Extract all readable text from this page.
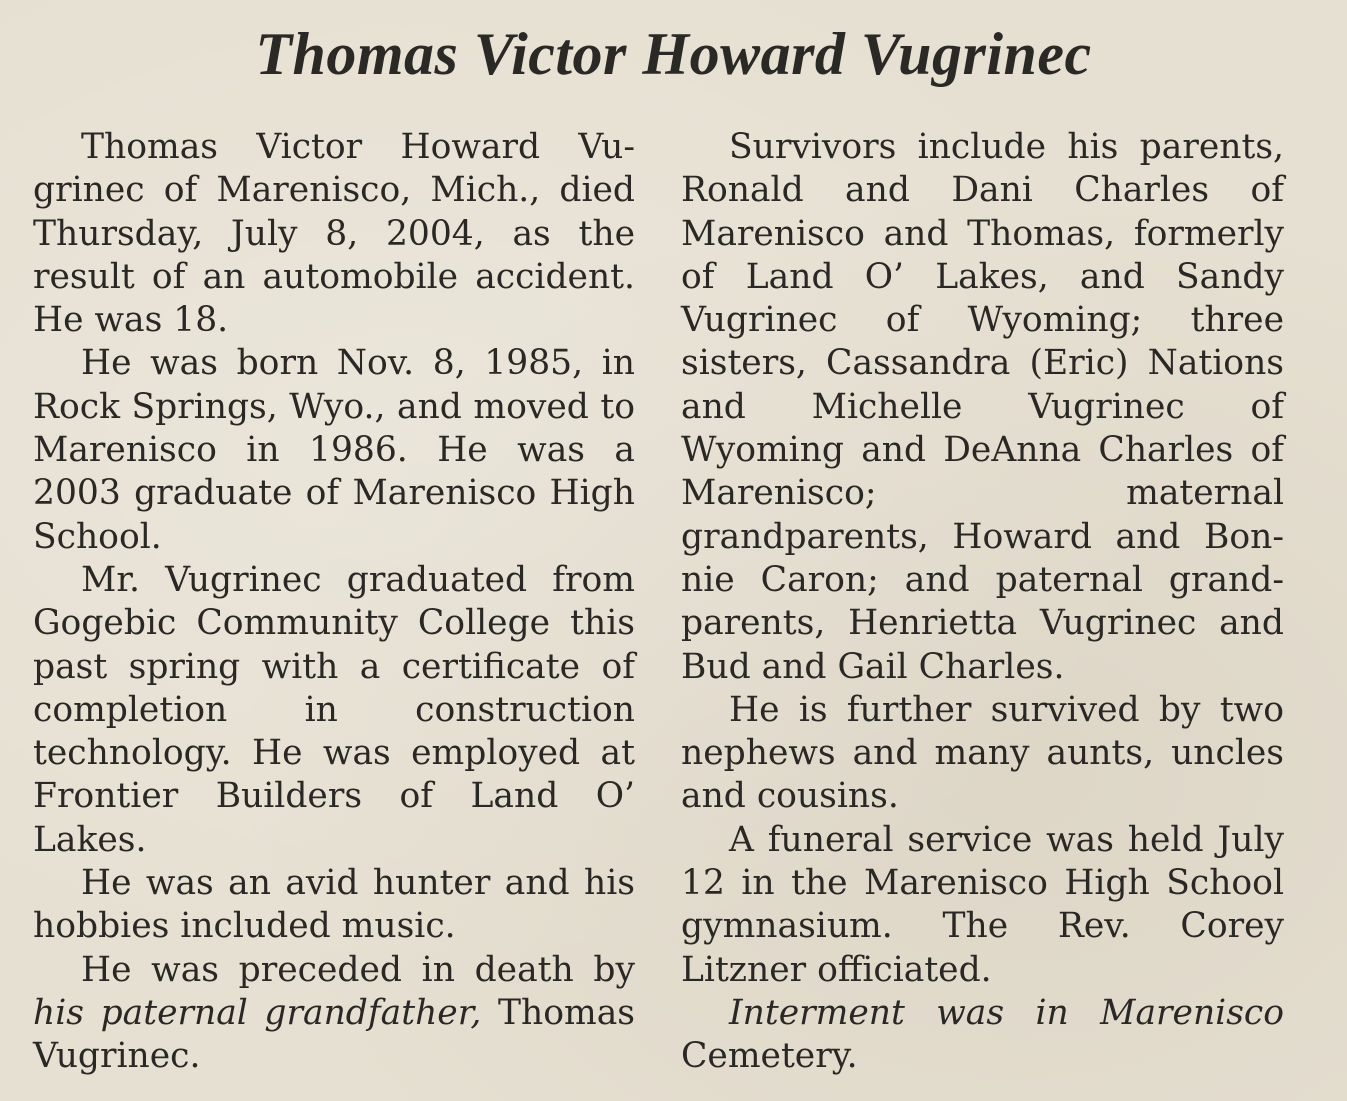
Thomas Victor Howard Vugrinec

Thomas Victor Howard Vugrinec of Marenisco, Mich., died Thursday, July 8, 2004, as the result of an automobile accident. He was 18.

He was born Nov. 8, 1985, in Rock Springs, Wyo., and moved to Marenisco in 1986. He was a 2003 graduate of Marenisco High School.

Mr. Vugrinec graduated from Gogebic Community College this past spring with a certificate of completion in construction technology. He was employed at Frontier Builders of Land O’ Lakes.

He was an avid hunter and his hobbies included music.

He was preceded in death by his paternal grandfather, Thomas Vugrinec.

Survivors include his parents, Ronald and Dani Charles of Marenisco and Thomas, formerly of Land O’ Lakes, and Sandy Vugrinec of Wyoming; three sisters, Cassandra (Eric) Nations and Michelle Vugrinec of Wyoming and DeAnna Charles of Marenisco; maternal grandparents, Howard and Bonnie Caron; and paternal grandparents, Henrietta Vugrinec and Bud and Gail Charles.

He is further survived by two nephews and many aunts, uncles and cousins.

A funeral service was held July 12 in the Marenisco High School gymnasium. The Rev. Corey Litzner officiated.

Interment was in Marenisco Cemetery.
